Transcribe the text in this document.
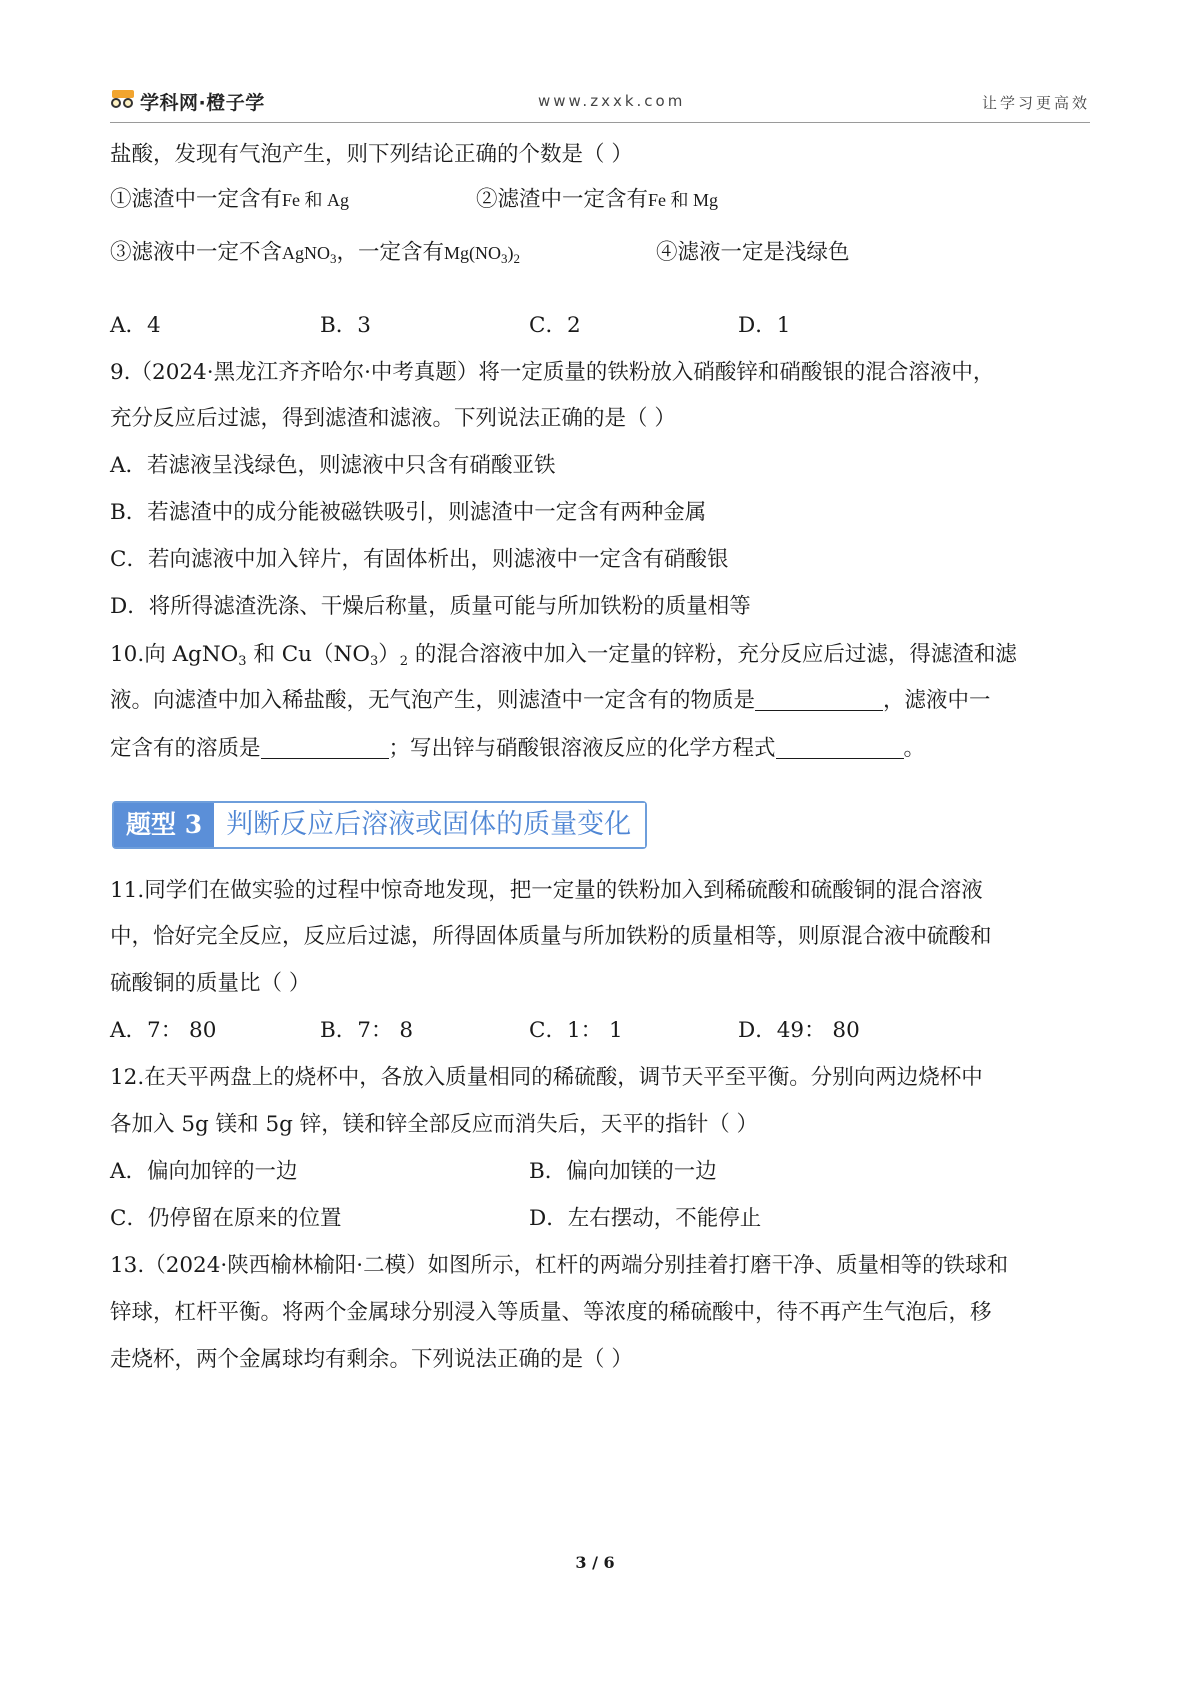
学科网·橙子学	www.zxxk.com	让学习更高效
盐酸，发现有气泡产生，则下列结论正确的个数是（ ）
①滤渣中一定含有Fe 和 Ag	②滤渣中一定含有Fe 和 Mg
③滤液中一定不含AgNO$_3$，一定含有$Mg(NO_3)_2$	④滤液一定是浅绿色
A．4	B．3	C．2	D．1
9.（2024·黑龙江齐齐哈尔·中考真题）将一定质量的铁粉放入硝酸锌和硝酸银的混合溶液中，
充分反应后过滤，得到滤渣和滤液。下列说法正确的是（ ）
A．若滤液呈浅绿色，则滤液中只含有硝酸亚铁
B．若滤渣中的成分能被磁铁吸引，则滤渣中一定含有两种金属
C．若向滤液中加入锌片，有固体析出，则滤液中一定含有硝酸银
D．将所得滤渣洗涤、干燥后称量，质量可能与所加铁粉的质量相等
10.向 AgNO$_3$ 和 $Cu(NO_3)_2$ 的混合溶液中加入一定量的锌粉，充分反应后过滤，得滤渣和滤
液。向滤渣中加入稀盐酸，无气泡产生，则滤渣中一定含有的物质是	，滤液中一
定含有的溶质是	；写出锌与硝酸银溶液反应的化学方程式	。
题型 3 判断反应后溶液或固体的质量变化
11.同学们在做实验的过程中惊奇地发现，把一定量的铁粉加入到稀硫酸和硫酸铜的混合溶液
中，恰好完全反应，反应后过滤，所得固体质量与所加铁粉的质量相等，则原混合液中硫酸和
硫酸铜的质量比（ ）
A．7： 80	B．7： 8	C．1： 1	D．49： 80
12.在天平两盘上的烧杯中，各放入质量相同的稀硫酸，调节天平至平衡。分别向两边烧杯中
各加入 5g 镁和 5g 锌，镁和锌全部反应而消失后，天平的指针（ ）
A．偏向加锌的一边	B．偏向加镁的一边
C．仍停留在原来的位置	D．左右摆动，不能停止
13.（2024·陕西榆林榆阳·二模）如图所示，杠杆的两端分别挂着打磨干净、质量相等的铁球和
锌球，杠杆平衡。将两个金属球分别浸入等质量、等浓度的稀硫酸中，待不再产生气泡后，移
走烧杯，两个金属球均有剩余。下列说法正确的是（ ）
3 / 6
